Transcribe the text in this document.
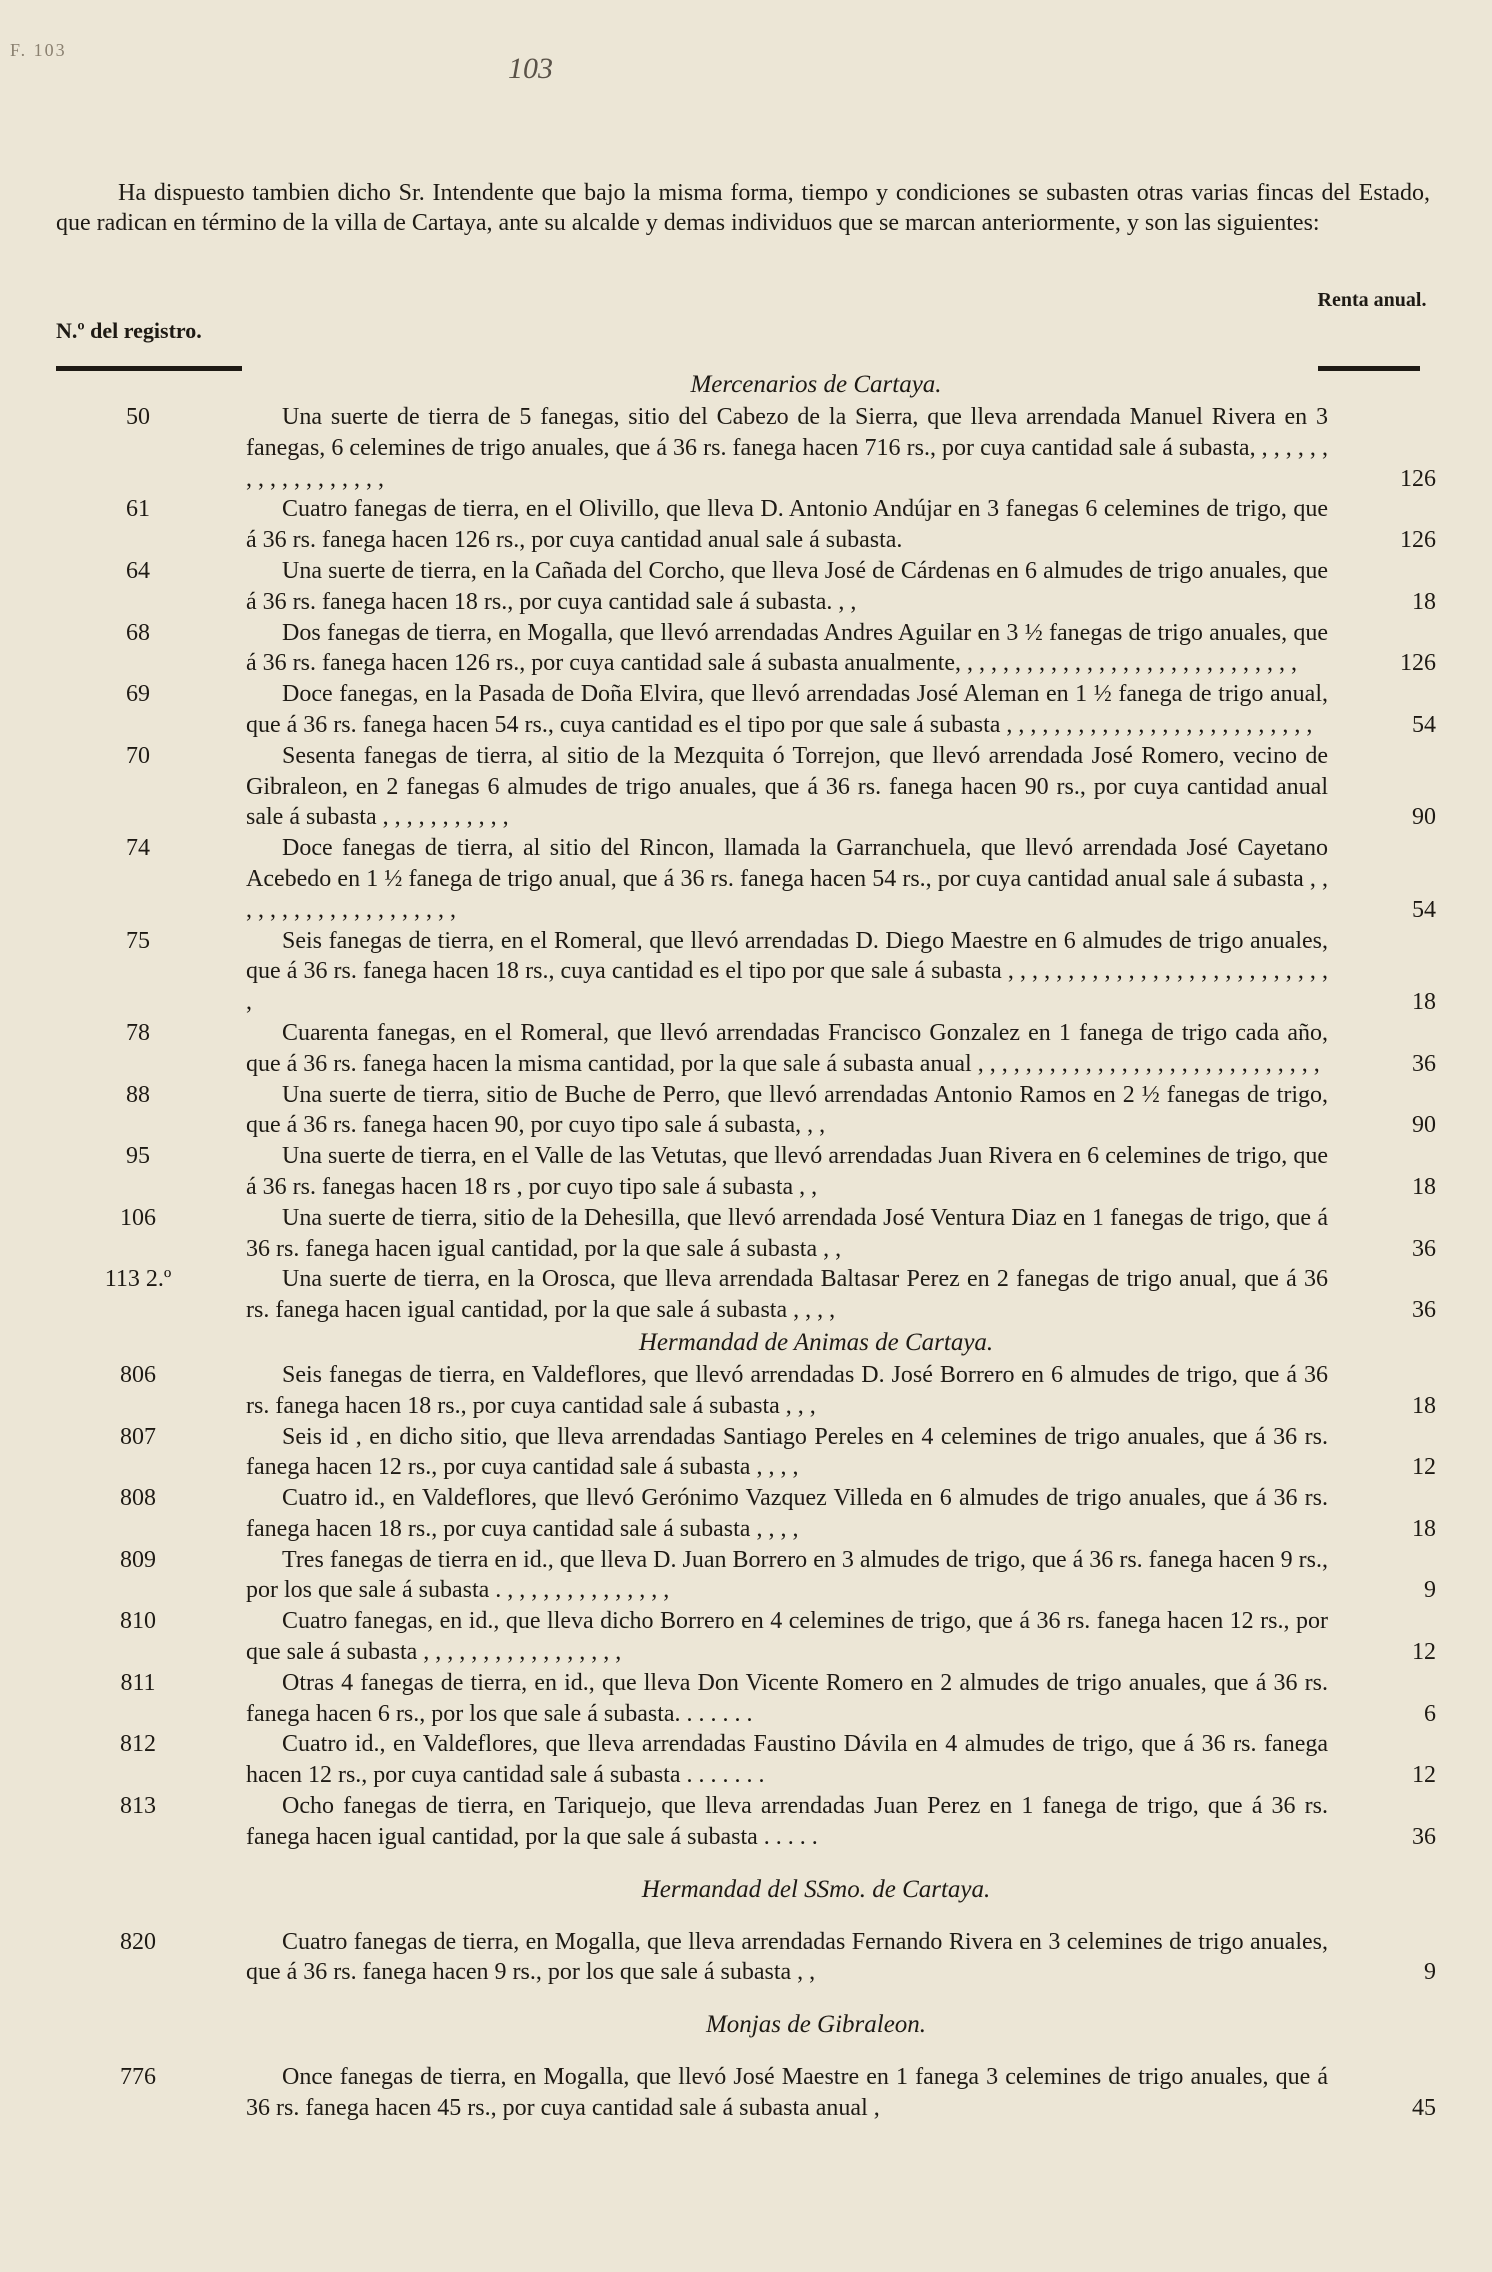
F. 103
103
Ha dispuesto tambien dicho Sr. Intendente que bajo la misma forma, tiempo y condiciones se subasten otras varias fincas del Estado, que radican en término de la villa de Cartaya, ante su alcalde y demas individuos que se marcan anteriormente, y son las siguientes:
N.º del registro.
Renta anual.
Mercenarios de Cartaya.
50	Una suerte de tierra de 5 fanegas, sitio del Cabezo de la Sierra, que lleva arrendada Manuel Rivera en 3 fanegas, 6 celemines de trigo anuales, que á 36 rs. fanega hacen 716 rs., por cuya cantidad sale á subasta, , , , , , , , , , , , , , , , , , ,	126
61	Cuatro fanegas de tierra, en el Olivillo, que lleva D. Antonio Andújar en 3 fanegas 6 celemines de trigo, que á 36 rs. fanega hacen 126 rs., por cuya cantidad anual sale á subasta.	126
64	Una suerte de tierra, en la Cañada del Corcho, que lleva José de Cárdenas en 6 almudes de trigo anuales, que á 36 rs. fanega hacen 18 rs., por cuya cantidad sale á subasta. , ,	18
68	Dos fanegas de tierra, en Mogalla, que llevó arrendadas Andres Aguilar en 3 ½ fanegas de trigo anuales, que á 36 rs. fanega hacen 126 rs., por cuya cantidad sale á subasta anualmente, , , , , , , , , , , , , , , , , , , , , , , , , , , , ,	126
69	Doce fanegas, en la Pasada de Doña Elvira, que llevó arrendadas José Aleman en 1 ½ fanega de trigo anual, que á 36 rs. fanega hacen 54 rs., cuya cantidad es el tipo por que sale á subasta , , , , , , , , , , , , , , , , , , , , , , , , , ,	54
70	Sesenta fanegas de tierra, al sitio de la Mezquita ó Torrejon, que llevó arrendada José Romero, vecino de Gibraleon, en 2 fanegas 6 almudes de trigo anuales, que á 36 rs. fanega hacen 90 rs., por cuya cantidad anual sale á subasta , , , , , , , , , , ,	90
74	Doce fanegas de tierra, al sitio del Rincon, llamada la Garranchuela, que llevó arrendada José Cayetano Acebedo en 1 ½ fanega de trigo anual, que á 36 rs. fanega hacen 54 rs., por cuya cantidad anual sale á subasta , , , , , , , , , , , , , , , , , , , ,	54
75	Seis fanegas de tierra, en el Romeral, que llevó arrendadas D. Diego Maestre en 6 almudes de trigo anuales, que á 36 rs. fanega hacen 18 rs., cuya cantidad es el tipo por que sale á subasta , , , , , , , , , , , , , , , , , , , , , , , , , , , ,	18
78	Cuarenta fanegas, en el Romeral, que llevó arrendadas Francisco Gonzalez en 1 fanega de trigo cada año, que á 36 rs. fanega hacen la misma cantidad, por la que sale á subasta anual , , , , , , , , , , , , , , , , , , , , , , , , , , , , ,	36
88	Una suerte de tierra, sitio de Buche de Perro, que llevó arrendadas Antonio Ramos en 2 ½ fanegas de trigo, que á 36 rs. fanega hacen 90, por cuyo tipo sale á subasta, , ,	90
95	Una suerte de tierra, en el Valle de las Vetutas, que llevó arrendadas Juan Rivera en 6 celemines de trigo, que á 36 rs. fanegas hacen 18 rs , por cuyo tipo sale á subasta , ,	18
106	Una suerte de tierra, sitio de la Dehesilla, que llevó arrendada José Ventura Diaz en 1 fanegas de trigo, que á 36 rs. fanega hacen igual cantidad, por la que sale á subasta , ,	36
113 2.º	Una suerte de tierra, en la Orosca, que lleva arrendada Baltasar Perez en 2 fanegas de trigo anual, que á 36 rs. fanega hacen igual cantidad, por la que sale á subasta , , , ,	36
Hermandad de Animas de Cartaya.
806	Seis fanegas de tierra, en Valdeflores, que llevó arrendadas D. José Borrero en 6 almudes de trigo, que á 36 rs. fanega hacen 18 rs., por cuya cantidad sale á subasta , , ,	18
807	Seis id , en dicho sitio, que lleva arrendadas Santiago Pereles en 4 celemines de trigo anuales, que á 36 rs. fanega hacen 12 rs., por cuya cantidad sale á subasta , , , ,	12
808	Cuatro id., en Valdeflores, que llevó Gerónimo Vazquez Villeda en 6 almudes de trigo anuales, que á 36 rs. fanega hacen 18 rs., por cuya cantidad sale á subasta , , , ,	18
809	Tres fanegas de tierra en id., que lleva D. Juan Borrero en 3 almudes de trigo, que á 36 rs. fanega hacen 9 rs., por los que sale á subasta . , , , , , , , , , , , , , ,	9
810	Cuatro fanegas, en id., que lleva dicho Borrero en 4 celemines de trigo, que á 36 rs. fanega hacen 12 rs., por que sale á subasta , , , , , , , , , , , , , , , , ,	12
811	Otras 4 fanegas de tierra, en id., que lleva Don Vicente Romero en 2 almudes de trigo anuales, que á 36 rs. fanega hacen 6 rs., por los que sale á subasta. . . . . . .	6
812	Cuatro id., en Valdeflores, que lleva arrendadas Faustino Dávila en 4 almudes de trigo, que á 36 rs. fanega hacen 12 rs., por cuya cantidad sale á subasta . . . . . . .	12
813	Ocho fanegas de tierra, en Tariquejo, que lleva arrendadas Juan Perez en 1 fanega de trigo, que á 36 rs. fanega hacen igual cantidad, por la que sale á subasta . . . . .	36
Hermandad del SSmo. de Cartaya.
820	Cuatro fanegas de tierra, en Mogalla, que lleva arrendadas Fernando Rivera en 3 celemines de trigo anuales, que á 36 rs. fanega hacen 9 rs., por los que sale á subasta , ,	9
Monjas de Gibraleon.
776	Once fanegas de tierra, en Mogalla, que llevó José Maestre en 1 fanega 3 celemines de trigo anuales, que á 36 rs. fanega hacen 45 rs., por cuya cantidad sale á subasta anual ,	45
